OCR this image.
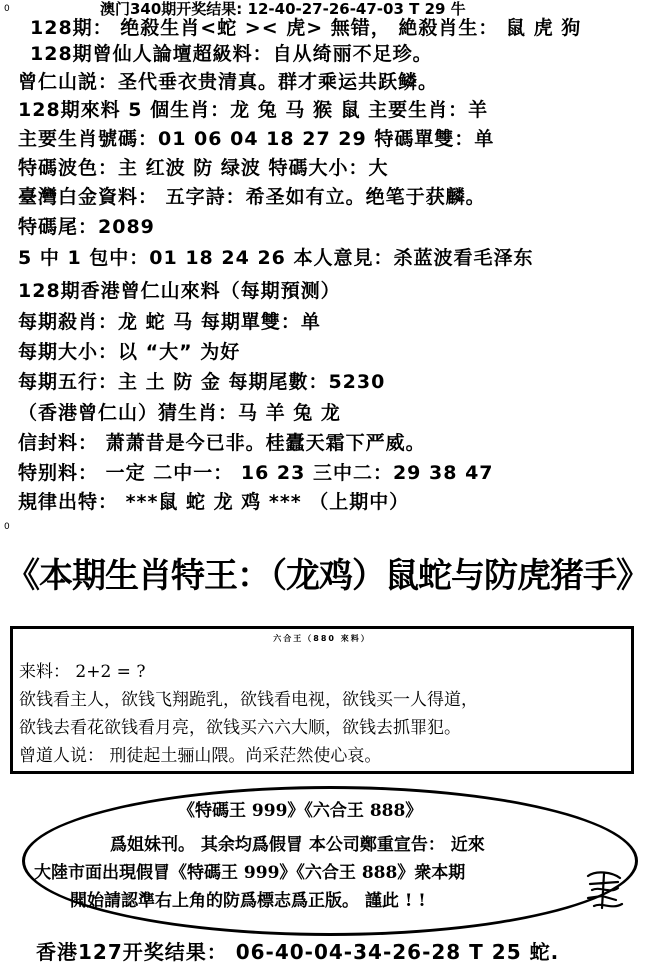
0	澳门340期开奖结果: 12-40-27-26-47-03 T 29 牛
128期： 绝殺生肖<蛇 >< 虎> 無错， 絶殺肖生： 鼠 虎 狗
128期曾仙人論壇超級料：自从绮丽不足珍。
曾仁山説：圣代垂衣贵清真。群才乘运共跃鳞。
128期來料 5 個生肖：龙 兔 马 猴 鼠 主要生肖：羊
主要生肖號碼：01 06 04 18 27 29 特碼單雙：单
特碼波色：主 红波 防 绿波 特碼大小：大
臺灣白金資料： 五字詩：希圣如有立。绝笔于获麟。
特碼尾：2089
5 中 1 包中：01 18 24 26 本人意見：杀蓝波看毛泽东
128期香港曾仁山來料（每期預测）
每期殺肖：龙 蛇 马 每期單雙：单
每期大小：以 “大” 为好
每期五行：主 土 防 金 每期尾數：5230
（香港曾仁山）猜生肖：马 羊 兔 龙
信封料： 萧萧昔是今已非。桂蠹天霜下严威。
特别料： 一定 二中一： 16 23 三中二：29 38 47
規律出特： ***鼠 蛇 龙 鸡 *** （上期中）
0
《本期生肖特王：（龙鸡）鼠蛇与防虎猪手》
六合王（880 來料）
来料： 2+2 = ?
欲钱看主人，欲钱飞翔跪乳，欲钱看电视，欲钱买一人得道，
欲钱去看花欲钱看月亮，欲钱买六六大顺，欲钱去抓罪犯。
曾道人说： 刑徒起土骊山隈。尚采茫然使心哀。
《特碼王 999》《六合王 888》
爲姐妹刊。 其余均爲假冒 本公司鄭重宣告： 近來
大陸市面出現假冒《特碼王 999》《六合王 888》衆本期
開始請認準右上角的防爲標志爲正版。 謹此 ! !
香港127开奖结果： 06-40-04-34-26-28 T 25 蛇.
